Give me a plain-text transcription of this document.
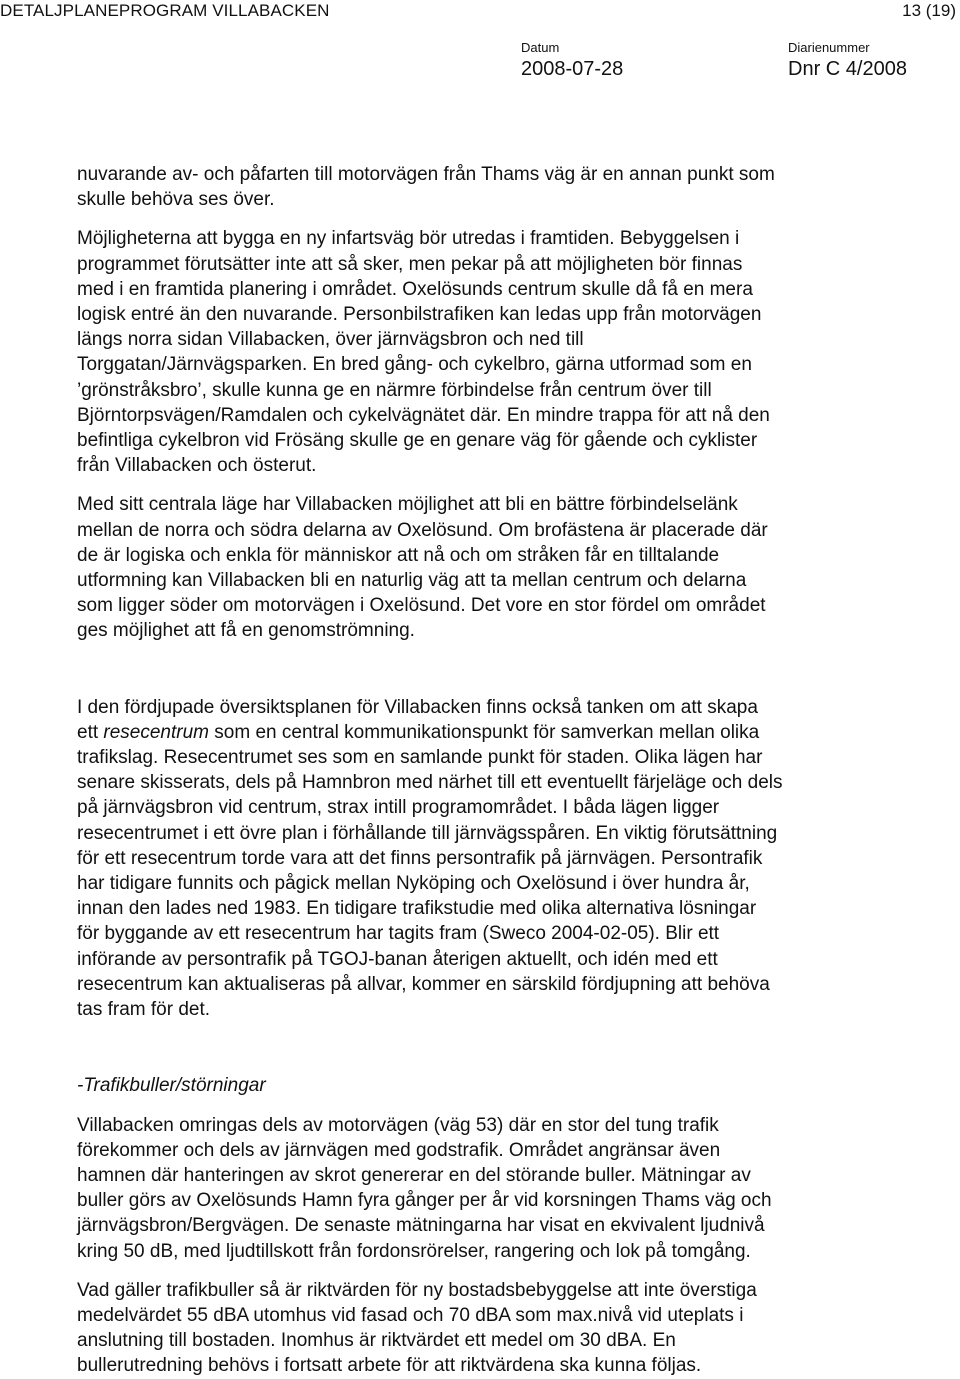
DETALJPLANEPROGRAM VILLABACKEN	13 (19)
Datum
2008-07-28
Diarienummer
Dnr C 4/2008

nuvarande av- och påfarten till motorvägen från Thams väg är en annan punkt som
skulle behöva ses över.

Möjligheterna att bygga en ny infartsväg bör utredas i framtiden. Bebyggelsen i
programmet förutsätter inte att så sker, men pekar på att möjligheten bör finnas
med i en framtida planering i området. Oxelösunds centrum skulle då få en mera
logisk entré än den nuvarande. Personbilstrafiken kan ledas upp från motorvägen
längs norra sidan Villabacken, över järnvägsbron och ned till
Torggatan/Järnvägsparken. En bred gång- och cykelbro, gärna utformad som en
’grönstråksbro’, skulle kunna ge en närmre förbindelse från centrum över till
Björntorpsvägen/Ramdalen och cykelvägnätet där. En mindre trappa för att nå den
befintliga cykelbron vid Frösäng skulle ge en genare väg för gående och cyklister
från Villabacken och österut.

Med sitt centrala läge har Villabacken möjlighet att bli en bättre förbindelselänk
mellan de norra och södra delarna av Oxelösund. Om brofästena är placerade där
de är logiska och enkla för människor att nå och om stråken får en tilltalande
utformning kan Villabacken bli en naturlig väg att ta mellan centrum och delarna
som ligger söder om motorvägen i Oxelösund. Det vore en stor fördel om området
ges möjlighet att få en genomströmning.

I den fördjupade översiktsplanen för Villabacken finns också tanken om att skapa
ett resecentrum som en central kommunikationspunkt för samverkan mellan olika
trafikslag. Resecentrumet ses som en samlande punkt för staden. Olika lägen har
senare skisserats, dels på Hamnbron med närhet till ett eventuellt färjeläge och dels
på järnvägsbron vid centrum, strax intill programområdet. I båda lägen ligger
resecentrumet i ett övre plan i förhållande till järnvägsspåren. En viktig förutsättning
för ett resecentrum torde vara att det finns persontrafik på järnvägen. Persontrafik
har tidigare funnits och pågick mellan Nyköping och Oxelösund i över hundra år,
innan den lades ned 1983. En tidigare trafikstudie med olika alternativa lösningar
för byggande av ett resecentrum har tagits fram (Sweco 2004-02-05). Blir ett
införande av persontrafik på TGOJ-banan återigen aktuellt, och idén med ett
resecentrum kan aktualiseras på allvar, kommer en särskild fördjupning att behöva
tas fram för det.

-Trafikbuller/störningar

Villabacken omringas dels av motorvägen (väg 53) där en stor del tung trafik
förekommer och dels av järnvägen med godstrafik. Området angränsar även
hamnen där hanteringen av skrot genererar en del störande buller. Mätningar av
buller görs av Oxelösunds Hamn fyra gånger per år vid korsningen Thams väg och
järnvägsbron/Bergvägen. De senaste mätningarna har visat en ekvivalent ljudnivå
kring 50 dB, med ljudtillskott från fordonsrörelser, rangering och lok på tomgång.

Vad gäller trafikbuller så är riktvärden för ny bostadsbebyggelse att inte överstiga
medelvärdet 55 dBA utomhus vid fasad och 70 dBA som max.nivå vid uteplats i
anslutning till bostaden. Inomhus är riktvärdet ett medel om 30 dBA. En
bullerutredning behövs i fortsatt arbete för att riktvärdena ska kunna följas.
